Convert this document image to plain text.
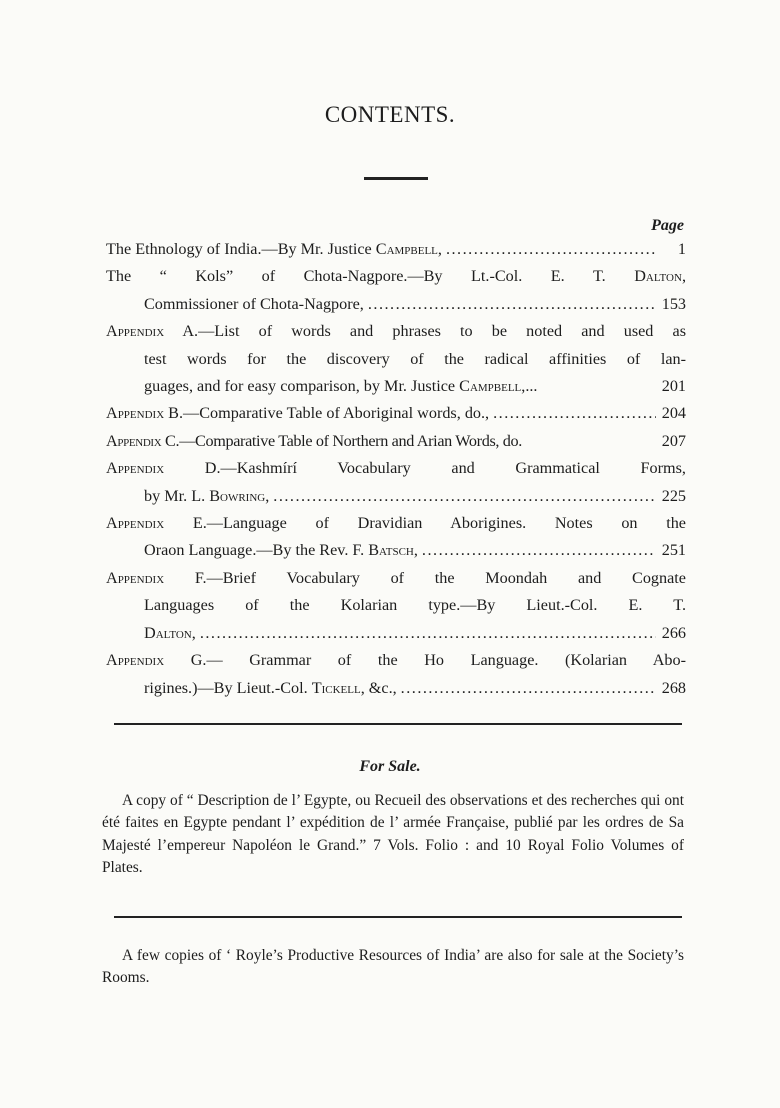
CONTENTS.
Page
The Ethnology of India.—By Mr. Justice Campbell, .....	1
The “ Kols” of Chota-Nagpore.—By Lt.-Col. E. T. Dalton,
Commissioner of Chota-Nagpore, .....	153
Appendix A.—List of words and phrases to be noted and used as
test words for the discovery of the radical affinities of lan-
guages, and for easy comparison, by Mr. Justice Campbell,...	201
Appendix B.—Comparative Table of Aboriginal words, do., .....	204
Appendix C.—Comparative Table of Northern and Arian Words, do.	207
Appendix D.—Kashmírí Vocabulary and Grammatical Forms,
by Mr. L. Bowring, .....	225
Appendix E.—Language of Dravidian Aborigines. Notes on the
Oraon Language.—By the Rev. F. Batsch, .....	251
Appendix F.—Brief Vocabulary of the Moondah and Cognate
Languages of the Kolarian type.—By Lieut.-Col. E. T.
Dalton, .....	266
Appendix G.— Grammar of the Ho Language. (Kolarian Abo-
rigines.)—By Lieut.-Col. Tickell, &c., .....	268
For Sale.
A copy of “ Description de l’ Egypte, ou Recueil des observations et des recherches qui ont été faites en Egypte pendant l’ expédition de l’ armée Française, publié par les ordres de Sa Majesté l’empereur Napoléon le Grand.” 7 Vols. Folio : and 10 Royal Folio Volumes of Plates.
A few copies of ‘ Royle’s Productive Resources of India’ are also for sale at the Society’s Rooms.
